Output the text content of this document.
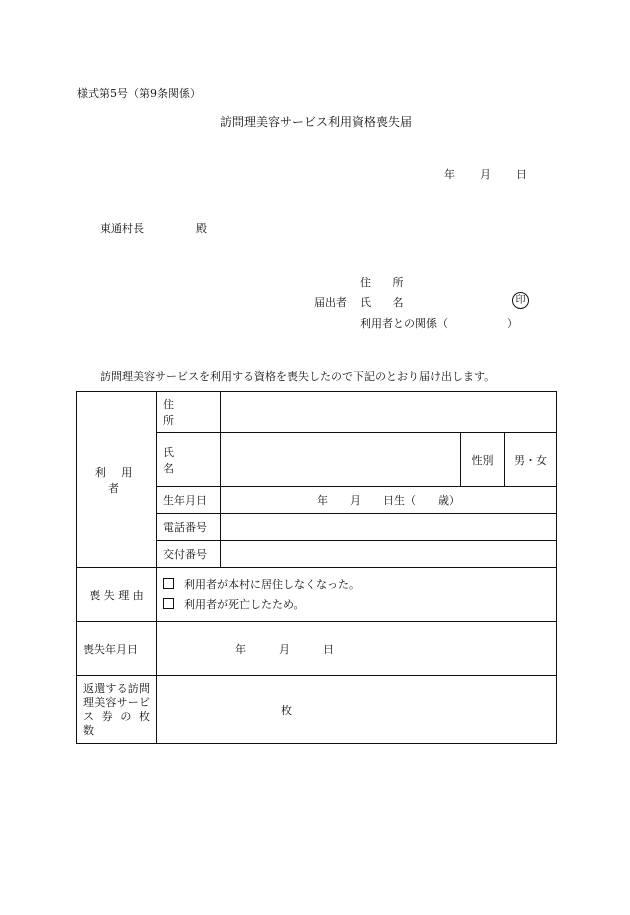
様式第5号（第9条関係）
訪問理美容サービス利用資格喪失届
年 月 日
東通村長	殿
住 所
届出者 氏 名	印
利用者との関係（	）
訪問理美容サービスを利用する資格を喪失したので下記のとおり届け出します。
利 用 者	住 所			
	氏 名		性別	男・女
	生年月日	年　　月　　日生（　　歳）		
	電話番号			
	交付番号			
喪 失 理 由	利用者が本村に居住しなくなった。
利用者が死亡したため。			

喪失年月日	年　　　月　　　日			
返還する訪問理美容サービス券の枚　　数	枚			
